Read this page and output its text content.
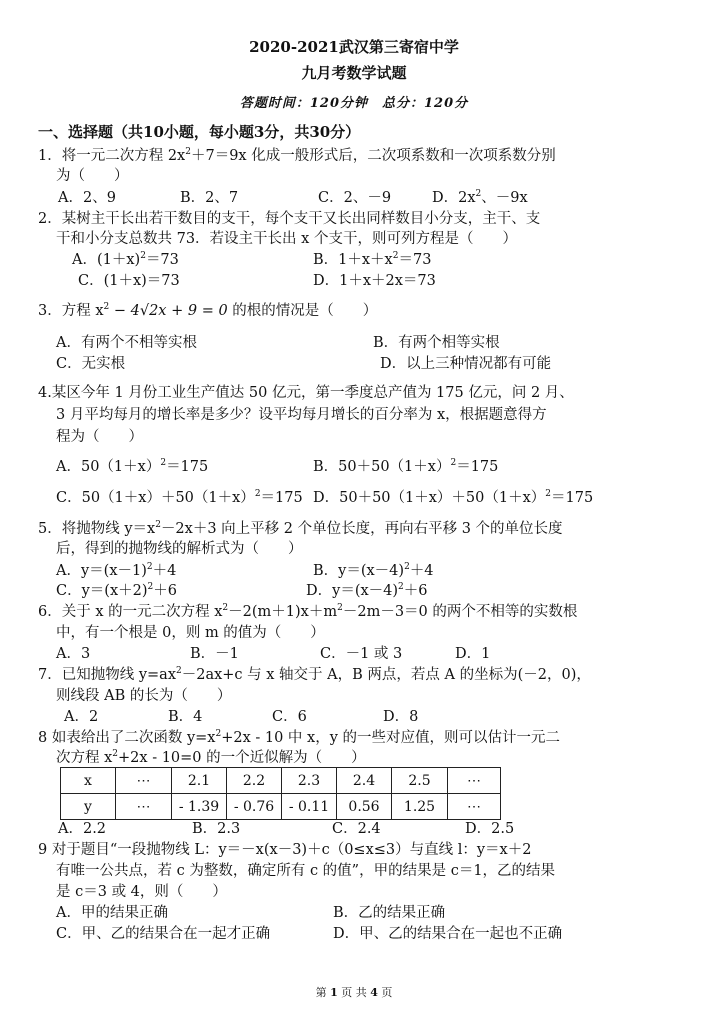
2020-2021武汉第三寄宿中学
九月考数学试题
答题时间：120分钟　总分：120分
一、选择题（共10小题，每小题3分，共30分）
1．将一元二次方程 $2x^2+7=9x$ 化成一般形式后，二次项系数和一次项系数分别
为（　　）
A．2、9	B．2、7	C．2、－9	D．$2x^2$、－9x
2．某树主干长出若干数目的支干，每个支干又长出同样数目小分支，主干、支
干和小分支总数共 73．若设主干长出 x 个支干，则可列方程是（　　）
A．$(1+x)^2=73$	B．$1+x+x^2=73$
C．(1＋x)＝73	D．1＋x＋2x＝73
3．方程 $x^2 - 4√2x + 9 = 0$ 的根的情况是（　　）
A．有两个不相等实根	B．有两个相等实根
C．无实根	D．以上三种情况都有可能
4.某区今年 1 月份工业生产值达 50 亿元，第一季度总产值为 175 亿元，问 2 月、
3 月平均每月的增长率是多少？设平均每月增长的百分率为 x，根据题意得方
程为（　　）
A．$50(1+x)^2=175$	B．$50+50(1+x)^2=175$
C．$50(1+x)+50(1+x)^2=175$ D．$50+50(1+x)+50(1+x)^2=175$
5．将抛物线 $y=x^2-2x+3$ 向上平移 2 个单位长度，再向右平移 3 个的单位长度
后，得到的抛物线的解析式为（　　）
A．$y=(x-1)^2+4$	B．$y=(x-4)^2+4$
C．$y=(x+2)^2+6$	D．$y=(x-4)^2+6$
6．关于 x 的一元二次方程 $x^2-2(m+1)x+m^2-2m-3=0$ 的两个不相等的实数根
中，有一个根是 0，则 m 的值为（　　）
A．3	B．－1	C．－1 或 3	D．1
7．已知抛物线 $y=ax^2-2ax+c$ 与 x 轴交于 A，B 两点，若点 A 的坐标为(－2，0)，
则线段 AB 的长为（　　）
A．2	B．4	C．6	D．8
8 如表给出了二次函数 $y=x^2+2x - 10$ 中 x，y 的一些对应值，则可以估计一元二
次方程 $x^2+2x - 10=0$ 的一个近似解为（　　）
x	⋯	2.1	2.2	2.3	2.4	2.5	⋯
y	⋯	- 1.39	- 0.76	- 0.11	0.56	1.25	⋯
A．2.2	B．2.3	C．2.4	D．2.5
9 对于题目“一段抛物线 L：y＝－x(x－3)＋c（0≤x≤3）与直线 l：y＝x＋2
有唯一公共点，若 c 为整数，确定所有 c 的值”，甲的结果是 c＝1，乙的结果
是 c＝3 或 4，则（　　）
A．甲的结果正确	B．乙的结果正确
C．甲、乙的结果合在一起才正确	D．甲、乙的结果合在一起也不正确
第 1 页 共 4 页
